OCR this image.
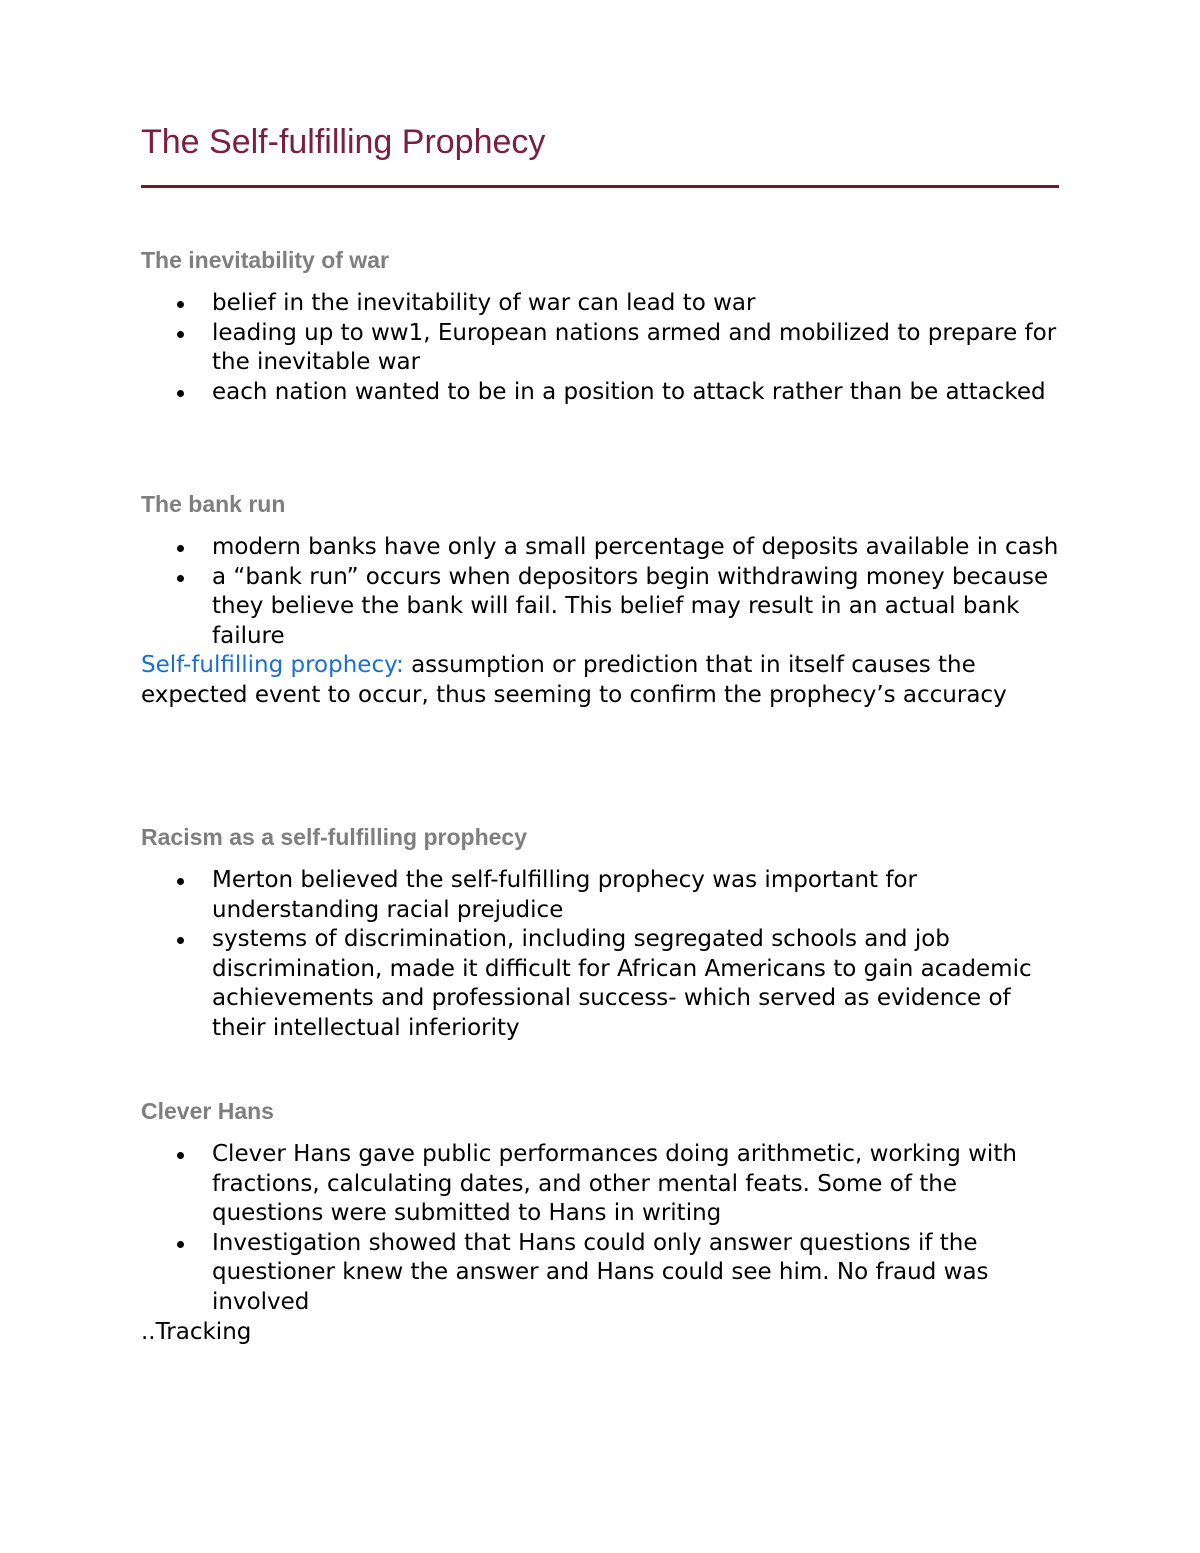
The Self-fulfilling Prophecy
The inevitability of war
belief in the inevitability of war can lead to war
leading up to ww1, European nations armed and mobilized to prepare for the inevitable war
each nation wanted to be in a position to attack rather than be attacked
The bank run
modern banks have only a small percentage of deposits available in cash
a “bank run” occurs when depositors begin withdrawing money because they believe the bank will fail. This belief may result in an actual bank failure

Self-fulfilling prophecy: assumption or prediction that in itself causes the expected event to occur, thus seeming to confirm the prophecy’s accuracy

Racism as a self-fulfilling prophecy
Merton believed the self-fulfilling prophecy was important for understanding racial prejudice
systems of discrimination, including segregated schools and job discrimination, made it difficult for African Americans to gain academic achievements and professional success- which served as evidence of their intellectual inferiority
Clever Hans
Clever Hans gave public performances doing arithmetic, working with fractions, calculating dates, and other mental feats. Some of the questions were submitted to Hans in writing
Investigation showed that Hans could only answer questions if the questioner knew the answer and Hans could see him. No fraud was involved

..Tracking
